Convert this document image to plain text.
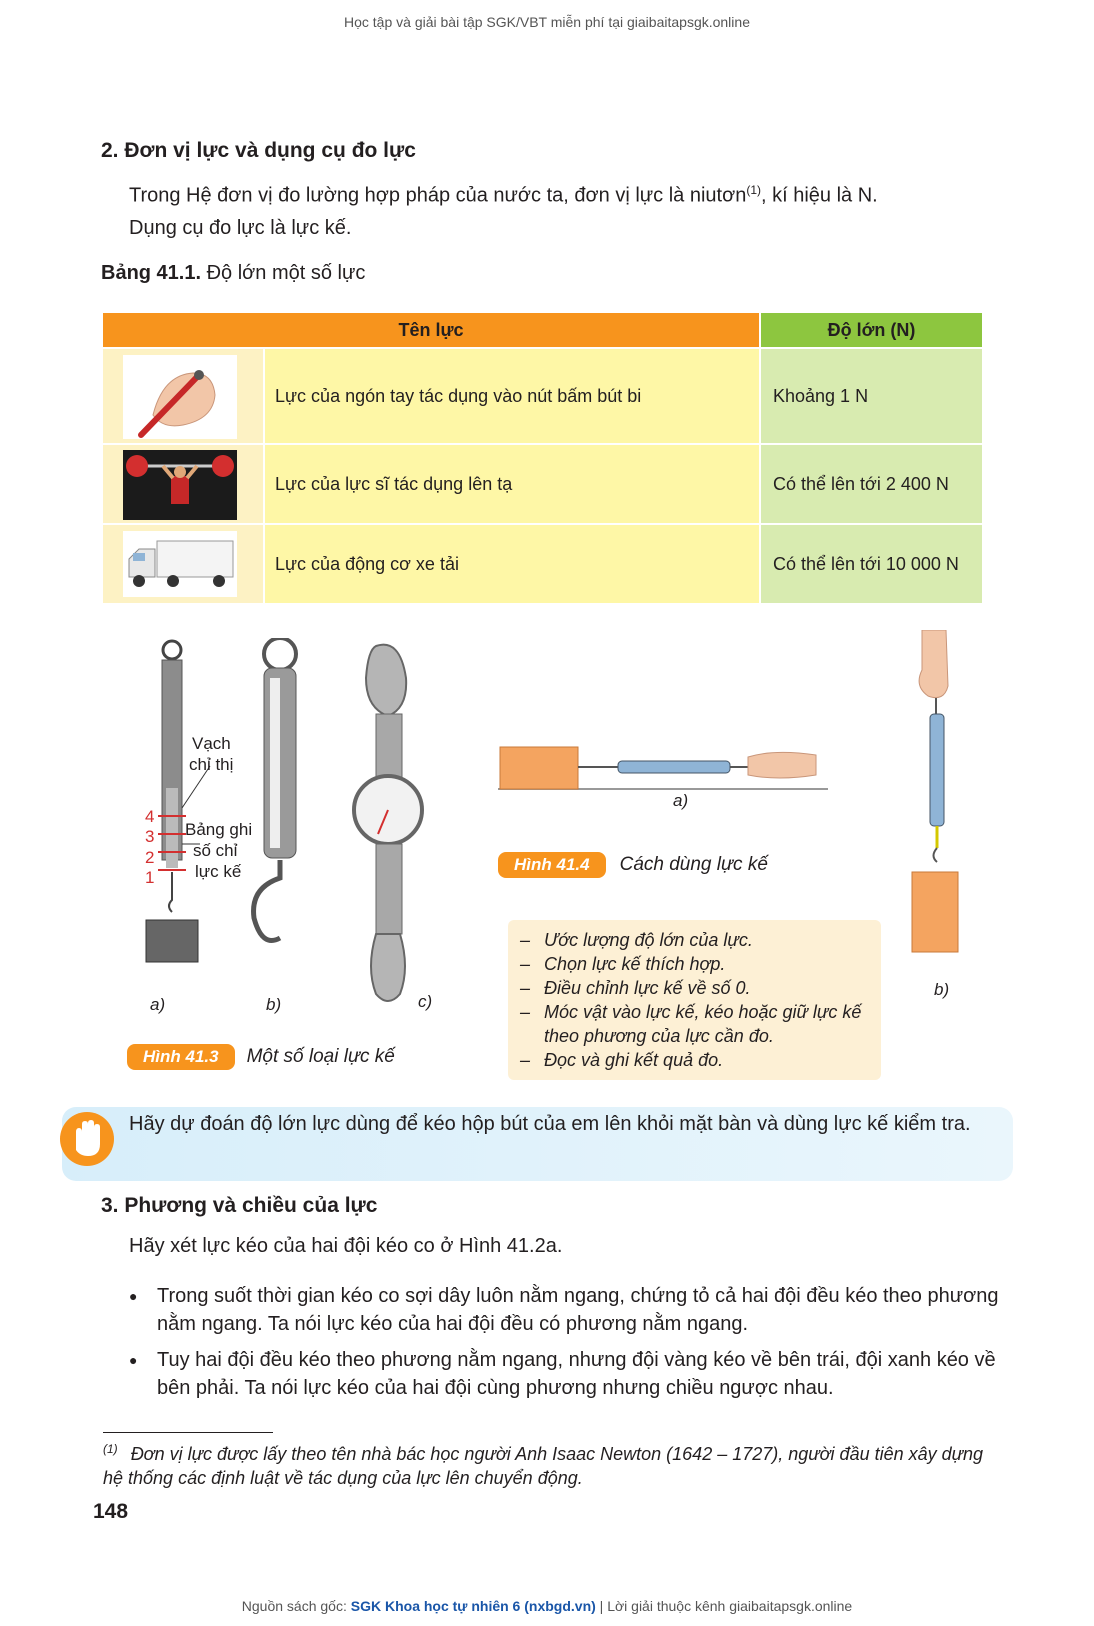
Học tập và giải bài tập SGK/VBT miễn phí tại giaibaitapsgk.online
2. Đơn vị lực và dụng cụ đo lực
Trong Hệ đơn vị đo lường hợp pháp của nước ta, đơn vị lực là niutơn$^{(1)}$, kí hiệu là N.
Dụng cụ đo lực là lực kế.
Bảng 41.1. Độ lớn một số lực
Tên lực	Độ lớn (N)
Lực của ngón tay tác dụng vào nút bấm bút bi	Khoảng 1 N
Lực của lực sĩ tác dụng lên tạ	Có thể lên tới 2 400 N
Lực của động cơ xe tải	Có thể lên tới 10 000 N
Vạch
chỉ thị
Bảng ghi
số chỉ
lực kế
4
3
2
1
a)	b)	c)
Hình 41.3	Một số loại lực kế
a)
Hình 41.4	Cách dùng lực kế
– Ước lượng độ lớn của lực.
– Chọn lực kế thích hợp.
– Điều chỉnh lực kế về số 0.
– Móc vật vào lực kế, kéo hoặc giữ lực kế theo phương của lực cần đo.
– Đọc và ghi kết quả đo.
b)
Hãy dự đoán độ lớn lực dùng để kéo hộp bút của em lên khỏi mặt bàn và dùng lực kế kiểm tra.
3. Phương và chiều của lực
Hãy xét lực kéo của hai đội kéo co ở Hình 41.2a.
● Trong suốt thời gian kéo co sợi dây luôn nằm ngang, chứng tỏ cả hai đội đều kéo theo phương nằm ngang. Ta nói lực kéo của hai đội đều có phương nằm ngang.
● Tuy hai đội đều kéo theo phương nằm ngang, nhưng đội vàng kéo về bên trái, đội xanh kéo về bên phải. Ta nói lực kéo của hai đội cùng phương nhưng chiều ngược nhau.
$^{(1)}$ Đơn vị lực được lấy theo tên nhà bác học người Anh Isaac Newton (1642 – 1727), người đầu tiên xây dựng hệ thống các định luật về tác dụng của lực lên chuyển động.
148
Nguồn sách gốc: SGK Khoa học tự nhiên 6 (nxbgd.vn) | Lời giải thuộc kênh giaibaitapsgk.online
